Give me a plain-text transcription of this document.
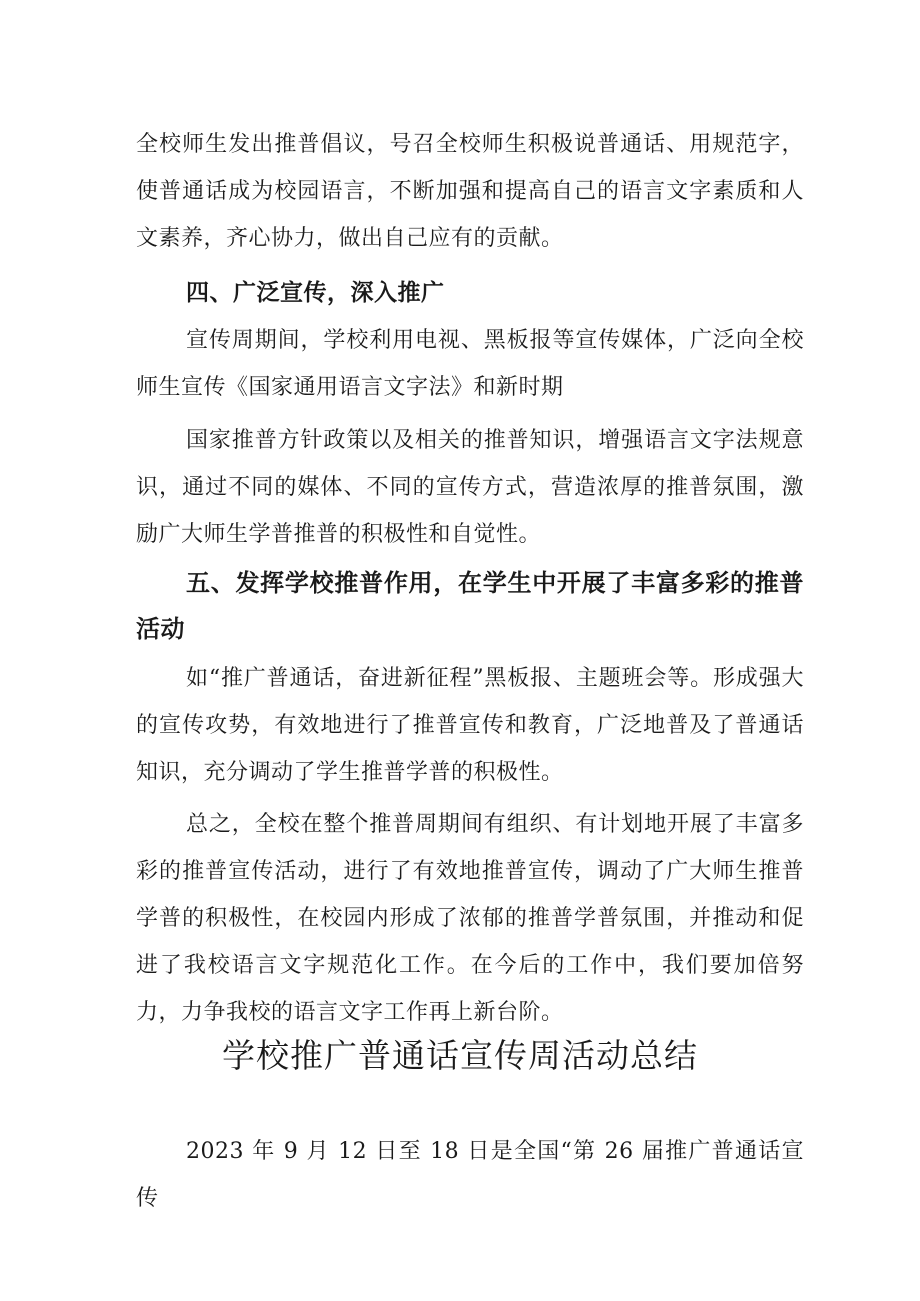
全校师生发出推普倡议，号召全校师生积极说普通话、用规范字，使普通话成为校园语言，不断加强和提高自己的语言文字素质和人文素养，齐心协力，做出自己应有的贡献。

四、广泛宣传，深入推广

宣传周期间，学校利用电视、黑板报等宣传媒体，广泛向全校师生宣传《国家通用语言文字法》和新时期

国家推普方针政策以及相关的推普知识，增强语言文字法规意识，通过不同的媒体、不同的宣传方式，营造浓厚的推普氛围，激励广大师生学普推普的积极性和自觉性。

五、发挥学校推普作用，在学生中开展了丰富多彩的推普活动

如“推广普通话，奋进新征程”黑板报、主题班会等。形成强大的宣传攻势，有效地进行了推普宣传和教育，广泛地普及了普通话知识，充分调动了学生推普学普的积极性。

总之，全校在整个推普周期间有组织、有计划地开展了丰富多彩的推普宣传活动，进行了有效地推普宣传，调动了广大师生推普学普的积极性，在校园内形成了浓郁的推普学普氛围，并推动和促进了我校语言文字规范化工作。在今后的工作中，我们要加倍努力，力争我校的语言文字工作再上新台阶。

学校推广普通话宣传周活动总结

2023 年 9 月 12 日至 18 日是全国“第 26 届推广普通话宣传
